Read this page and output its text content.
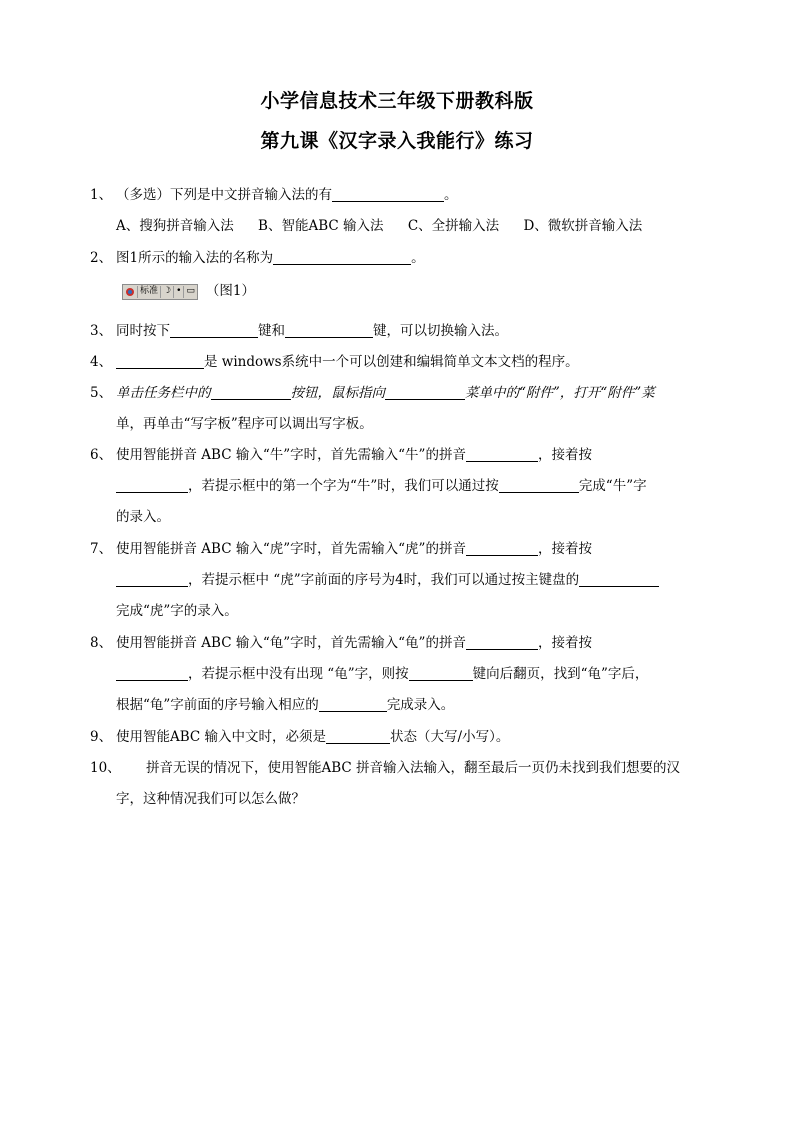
小学信息技术三年级下册教科版
第九课《汉字录入我能行》练习
1、 （多选）下列是中文拼音输入法的有	。
A、搜狗拼音输入法 B、智能ABC 输入法 C、全拼输入法 D、微软拼音输入法
2、 图1所示的输入法的名称为	。
标准 ☽ • ▭ （图1）
3、 同时按下	键和	键，可以切换输入法。
4、	是 windows系统中一个可以创建和编辑简单文本文档的程序。
5、 单击任务栏中的	按钮，鼠标指向	菜单中的“附件”，打开“附件”菜
单，再单击“写字板”程序可以调出写字板。
6、 使用智能拼音 ABC 输入“牛”字时，首先需输入“牛”的拼音	，接着按
，若提示框中的第一个字为“牛”时，我们可以通过按	完成“牛”字
的录入。
7、 使用智能拼音 ABC 输入“虎”字时，首先需输入“虎”的拼音	，接着按
，若提示框中 “虎”字前面的序号为4时，我们可以通过按主键盘的
完成“虎”字的录入。
8、 使用智能拼音 ABC 输入“龟”字时，首先需输入“龟”的拼音	，接着按
，若提示框中没有出现 “龟”字，则按	键向后翻页，找到“龟”字后，
根据“龟”字前面的序号输入相应的	完成录入。
9、 使用智能ABC 输入中文时，必须是	状态（大写/小写）。
10、	拼音无误的情况下，使用智能ABC 拼音输入法输入，翻至最后一页仍未找到我们想要的汉
字，这种情况我们可以怎么做？
